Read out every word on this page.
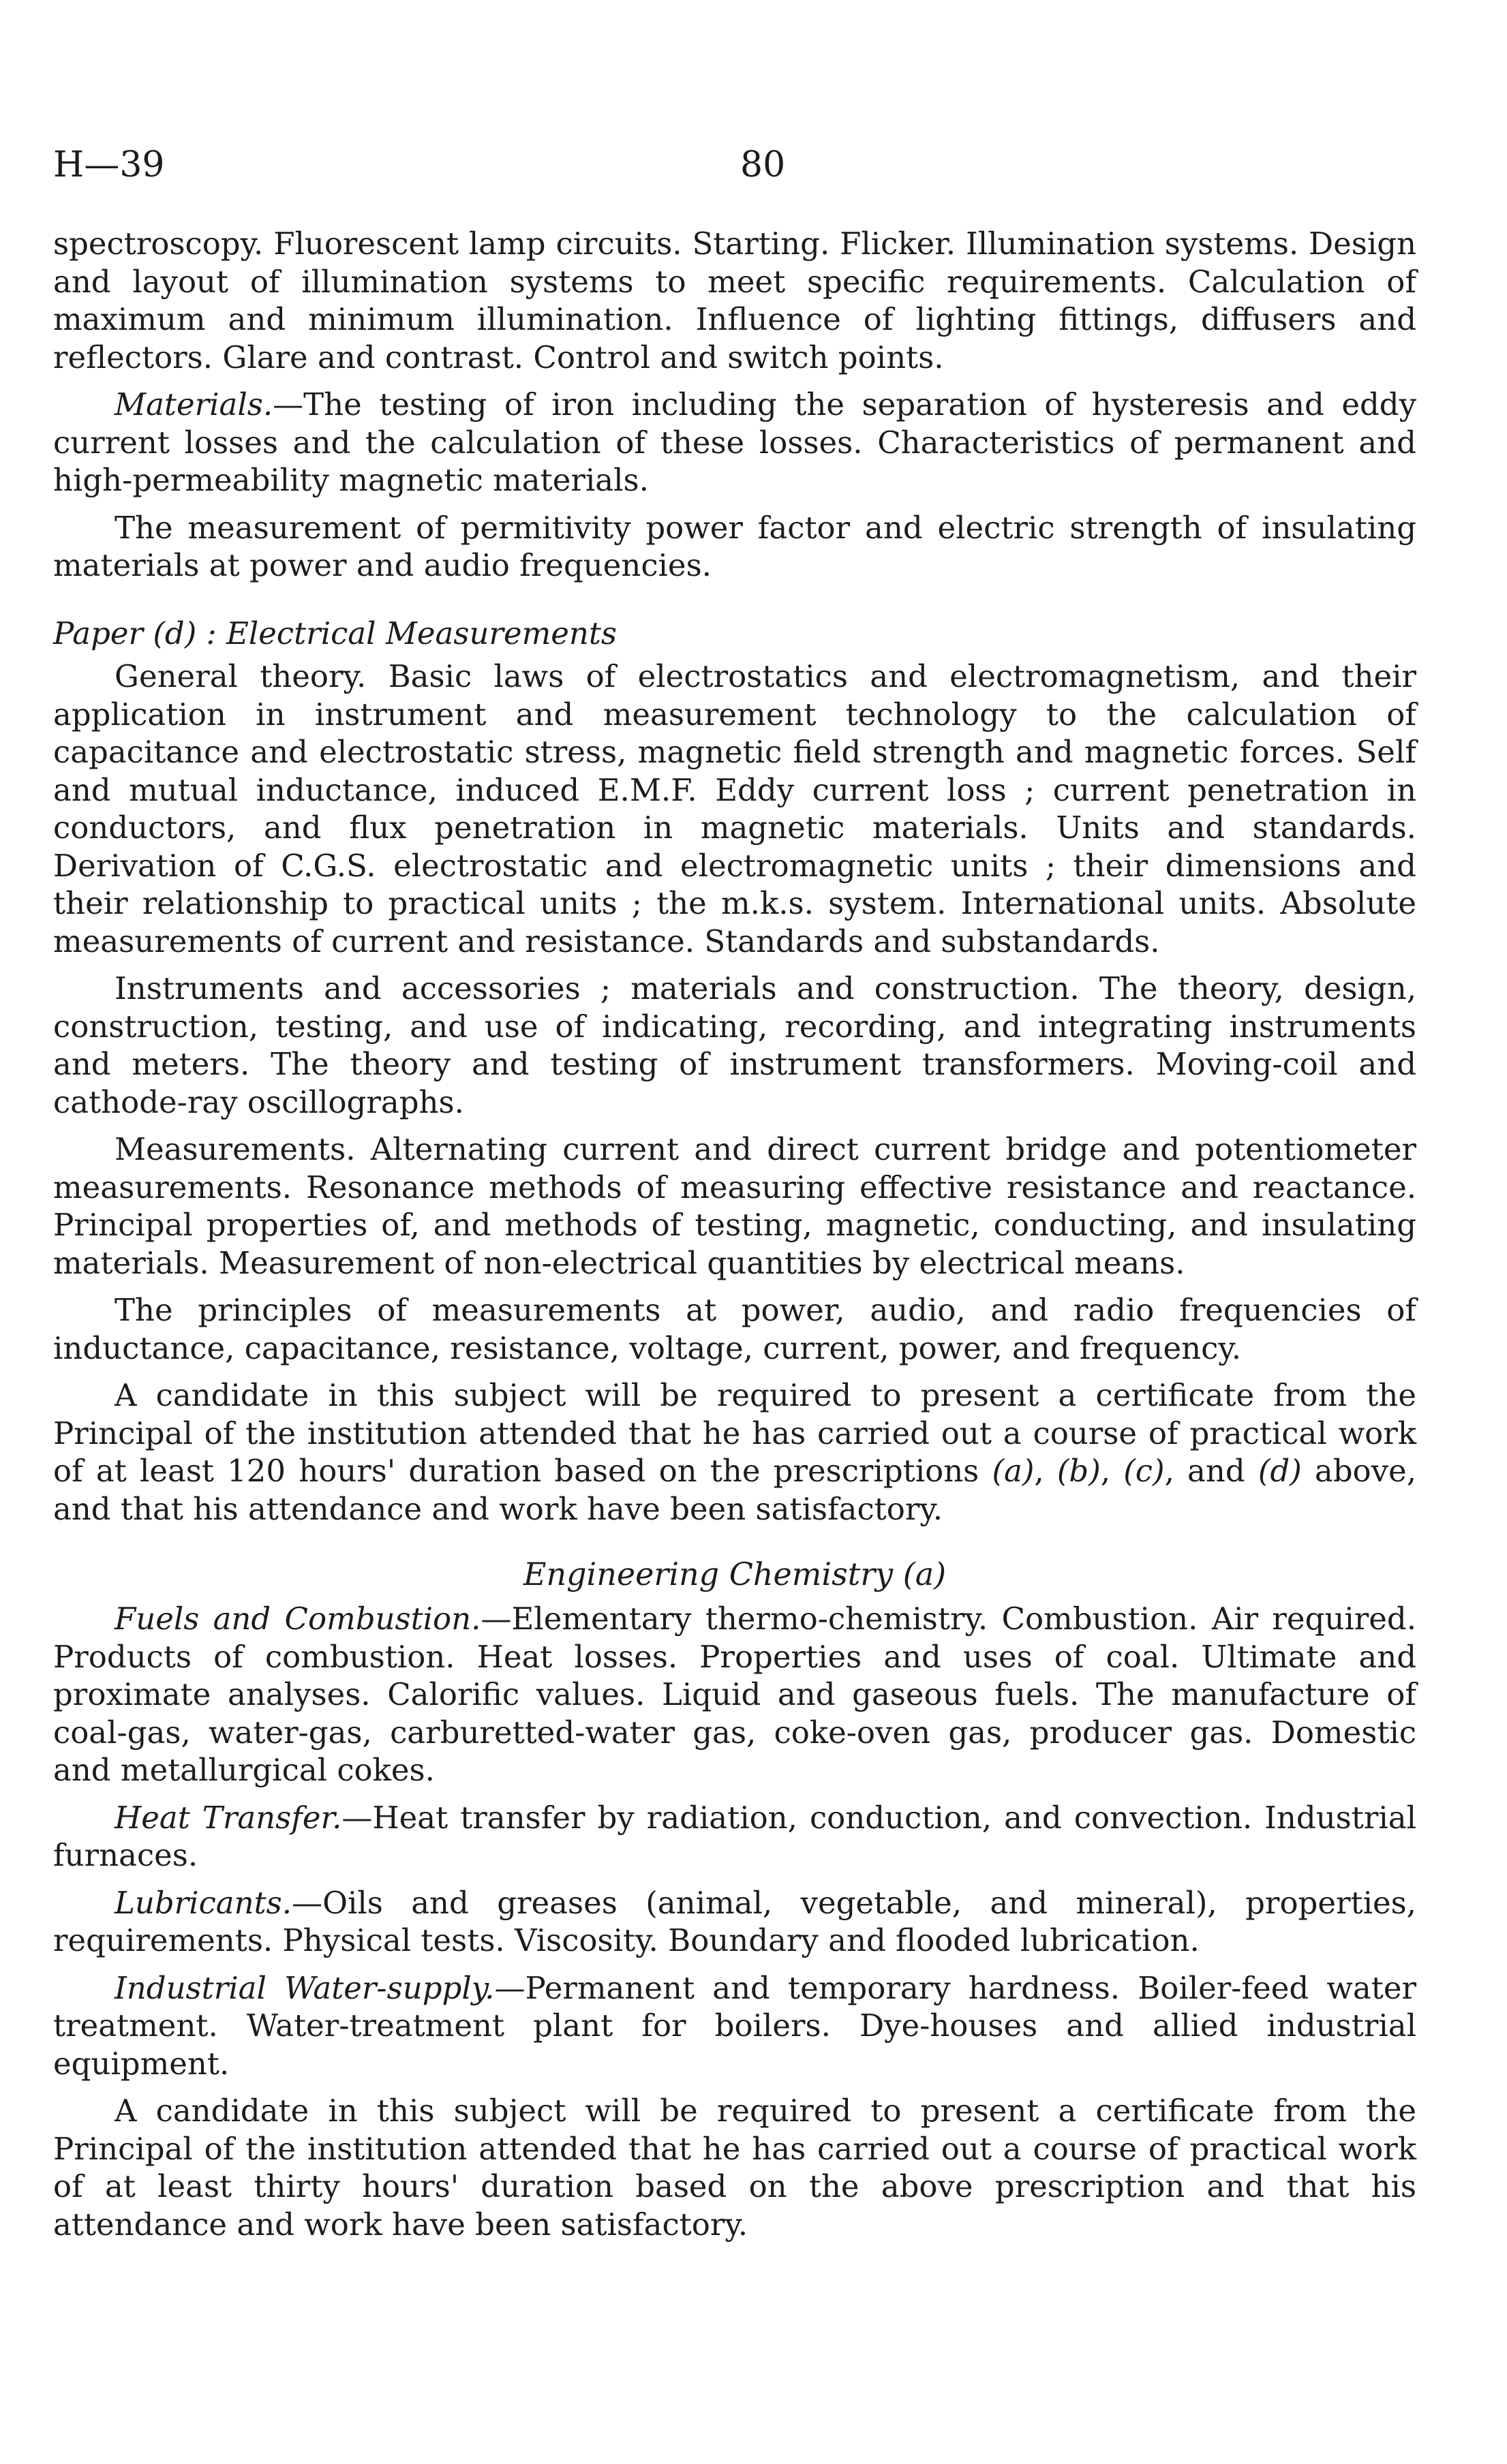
H—39	80

spectroscopy. Fluorescent lamp circuits. Starting. Flicker. Illumination systems. Design and layout of illumination systems to meet specific requirements. Calculation of maximum and minimum illumination. Influence of lighting fittings, diffusers and reflectors. Glare and contrast. Control and switch points.

Materials.—The testing of iron including the separation of hysteresis and eddy current losses and the calculation of these losses. Characteristics of permanent and high-permeability magnetic materials.

The measurement of permitivity power factor and electric strength of insulating materials at power and audio frequencies.

Paper (d) : Electrical Measurements

General theory. Basic laws of electrostatics and electromagnetism, and their application in instrument and measurement technology to the calculation of capacitance and electrostatic stress, magnetic field strength and magnetic forces. Self and mutual inductance, induced E.M.F. Eddy current loss ; current penetration in conductors, and flux penetration in magnetic materials. Units and standards. Derivation of C.G.S. electrostatic and electromagnetic units ; their dimensions and their relationship to practical units ; the m.k.s. system. International units. Absolute measurements of current and resistance. Standards and substandards.

Instruments and accessories ; materials and construction. The theory, design, construction, testing, and use of indicating, recording, and integrating instruments and meters. The theory and testing of instrument transformers. Moving-coil and cathode-ray oscillographs.

Measurements. Alternating current and direct current bridge and potentiometer measurements. Resonance methods of measuring effective resistance and reactance. Principal properties of, and methods of testing, magnetic, conducting, and insulating materials. Measurement of non-electrical quantities by electrical means.

The principles of measurements at power, audio, and radio frequencies of inductance, capacitance, resistance, voltage, current, power, and frequency.

A candidate in this subject will be required to present a certificate from the Principal of the institution attended that he has carried out a course of practical work of at least 120 hours' duration based on the prescriptions (a), (b), (c), and (d) above, and that his attendance and work have been satisfactory.

Engineering Chemistry (a)

Fuels and Combustion.—Elementary thermo-chemistry. Combustion. Air required. Products of combustion. Heat losses. Properties and uses of coal. Ultimate and proximate analyses. Calorific values. Liquid and gaseous fuels. The manufacture of coal-gas, water-gas, carburetted-water gas, coke-oven gas, producer gas. Domestic and metallurgical cokes.

Heat Transfer.—Heat transfer by radiation, conduction, and convection. Industrial furnaces.

Lubricants.—Oils and greases (animal, vegetable, and mineral), properties, requirements. Physical tests. Viscosity. Boundary and flooded lubrication.

Industrial Water-supply.—Permanent and temporary hardness. Boiler-feed water treatment. Water-treatment plant for boilers. Dye-houses and allied industrial equipment.

A candidate in this subject will be required to present a certificate from the Principal of the institution attended that he has carried out a course of practical work of at least thirty hours' duration based on the above prescription and that his attendance and work have been satisfactory.
